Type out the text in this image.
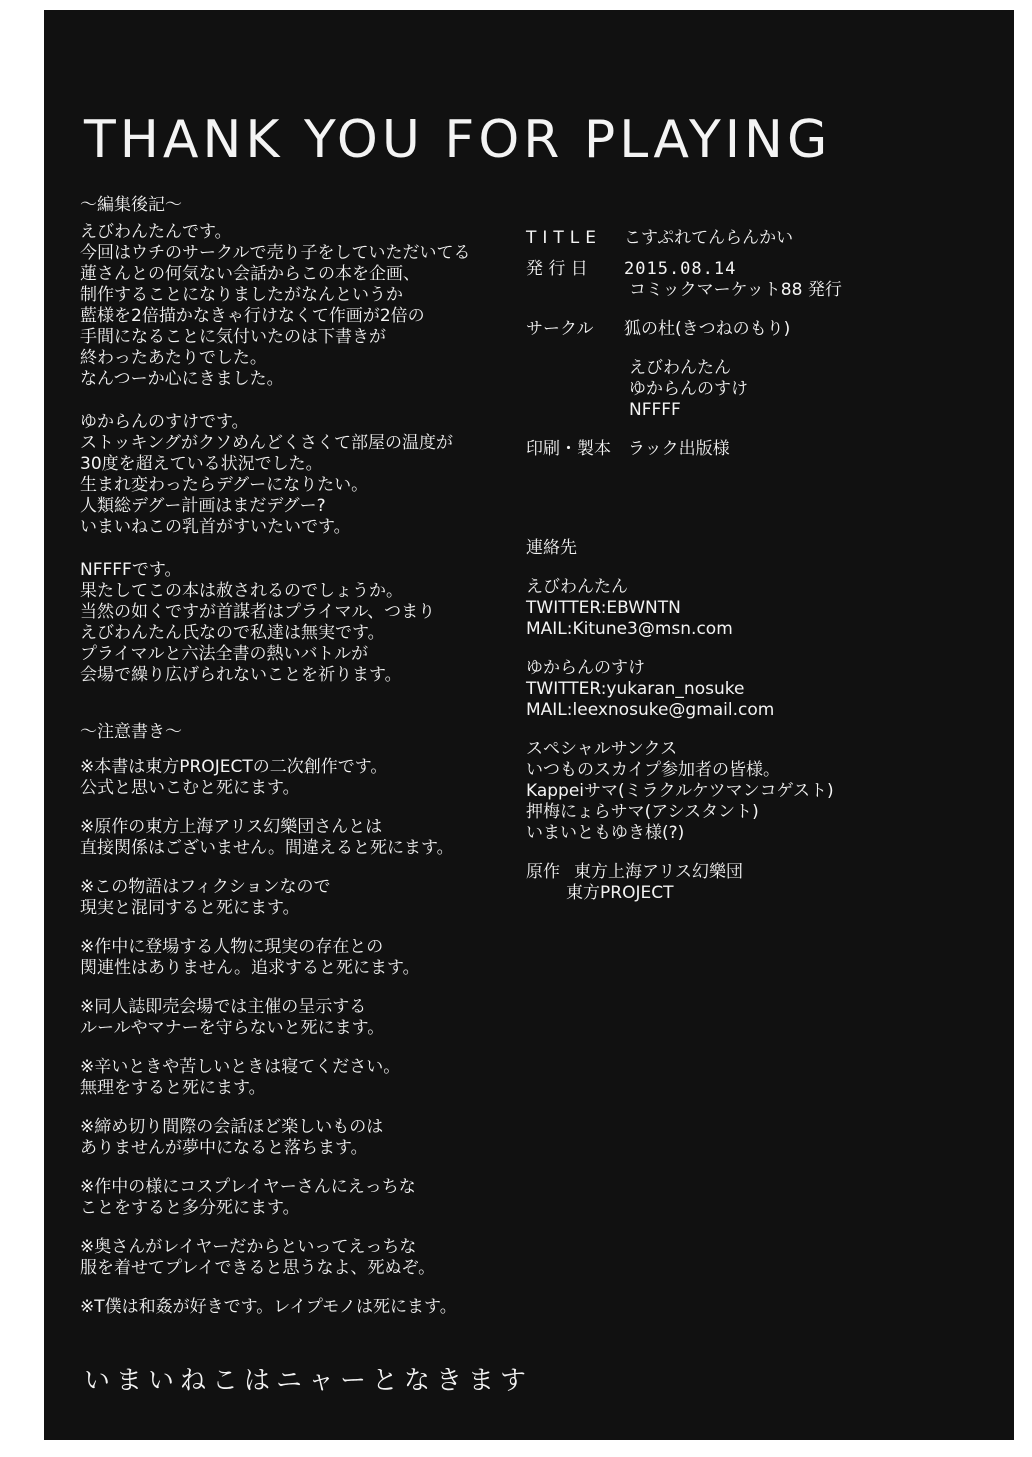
THANK YOU FOR PLAYING
〜編集後記〜

えびわんたんです。
今回はウチのサークルで売り子をしていただいてる
蓮さんとの何気ない会話からこの本を企画、
制作することになりましたがなんというか
藍様を2倍描かなきゃ行けなくて作画が2倍の
手間になることに気付いたのは下書きが
終わったあたりでした。
なんつーか心にきました。

ゆからんのすけです。
ストッキングがクソめんどくさくて部屋の温度が
30度を超えている状況でした。
生まれ変わったらデグーになりたい。
人類総デグー計画はまだデグー?
いまいねこの乳首がすいたいです。

NFFFFです。
果たしてこの本は赦されるのでしょうか。
当然の如くですが首謀者はプライマル、つまり
えびわんたん氏なので私達は無実です。
プライマルと六法全書の熱いバトルが
会場で繰り広げられないことを祈ります。

〜注意書き〜

※本書は東方PROJECTの二次創作です。
公式と思いこむと死にます。

※原作の東方上海アリス幻樂団さんとは
直接関係はございません。間違えると死にます。

※この物語はフィクションなので
現実と混同すると死にます。

※作中に登場する人物に現実の存在との
関連性はありません。追求すると死にます。

※同人誌即売会場では主催の呈示する
ルールやマナーを守らないと死にます。

※辛いときや苦しいときは寝てください。
無理をすると死にます。

※締め切り間際の会話ほど楽しいものは
ありませんが夢中になると落ちます。

※作中の様にコスプレイヤーさんにえっちな
ことをすると多分死にます。

※奥さんがレイヤーだからといってえっちな
服を着せてプレイできると思うなよ、死ぬぞ。

※T僕は和姦が好きです。レイプモノは死にます。

いまいねこはニャーとなきます
TITLE	こすぷれてんらんかい
発 行 日	2015.08.14
コミックマーケット88 発行
サークル	狐の杜(きつねのもり)
えびわんたん
ゆからんのすけ
NFFFF
印刷・製本	ラック出版様
連絡先
えびわんたん
TWITTER:EBWNTN
MAIL:Kitune3@msn.com
ゆからんのすけ
TWITTER:yukaran_nosuke
MAIL:leexnosuke@gmail.com
スペシャルサンクス
いつものスカイプ参加者の皆様。
Kappeiサマ(ミラクルケツマンコゲスト)
押梅にょらサマ(アシスタント)
いまいともゆき様(?)
原作 東方上海アリス幻樂団
東方PROJECT
